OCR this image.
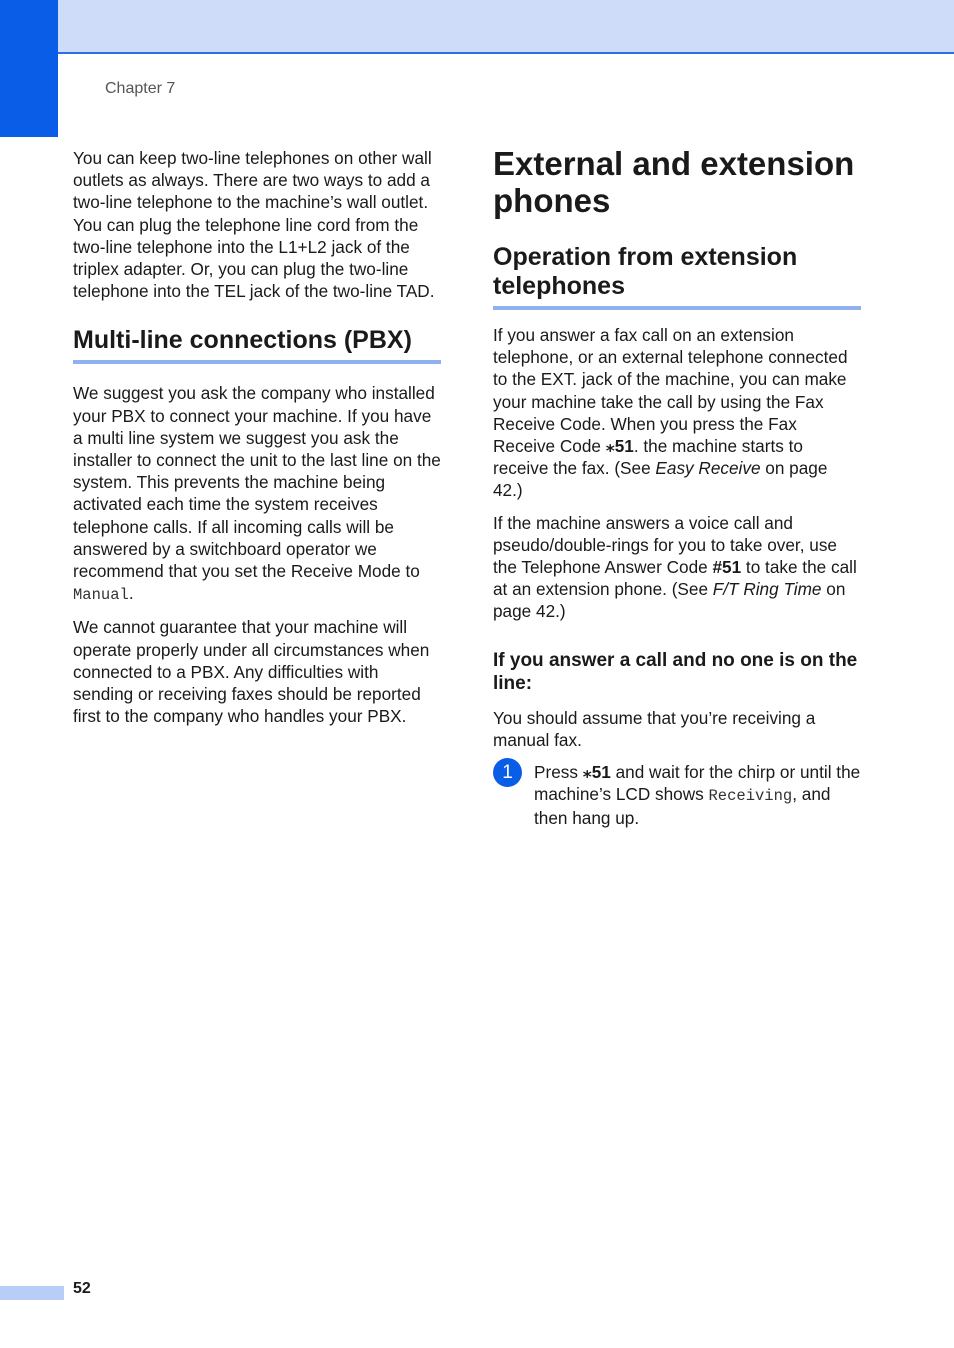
Chapter 7

You can keep two-line telephones on other wall outlets as always. There are two ways to add a two-line telephone to the machine’s wall outlet. You can plug the telephone line cord from the two-line telephone into the L1+L2 jack of the triplex adapter. Or, you can plug the two-line telephone into the TEL jack of the two-line TAD.

Multi-line connections (PBX)

We suggest you ask the company who installed your PBX to connect your machine. If you have a multi line system we suggest you ask the installer to connect the unit to the last line on the system. This prevents the machine being activated each time the system receives telephone calls. If all incoming calls will be answered by a switchboard operator we recommend that you set the Receive Mode to Manual.

We cannot guarantee that your machine will operate properly under all circumstances when connected to a PBX. Any difficulties with sending or receiving faxes should be reported first to the company who handles your PBX.

External and extension phones
Operation from extension telephones

If you answer a fax call on an extension telephone, or an external telephone connected to the EXT. jack of the machine, you can make your machine take the call by using the Fax Receive Code. When you press the Fax Receive Code ⁎51. the machine starts to receive the fax. (See Easy Receive on page 42.)

If the machine answers a voice call and pseudo/double-rings for you to take over, use the Telephone Answer Code #51 to take the call at an extension phone. (See F/T Ring Time on page 42.)

If you answer a call and no one is on the line:

You should assume that you’re receiving a manual fax.

1	Press ⁎51 and wait for the chirp or until the machine’s LCD shows Receiving, and then hang up.
52
